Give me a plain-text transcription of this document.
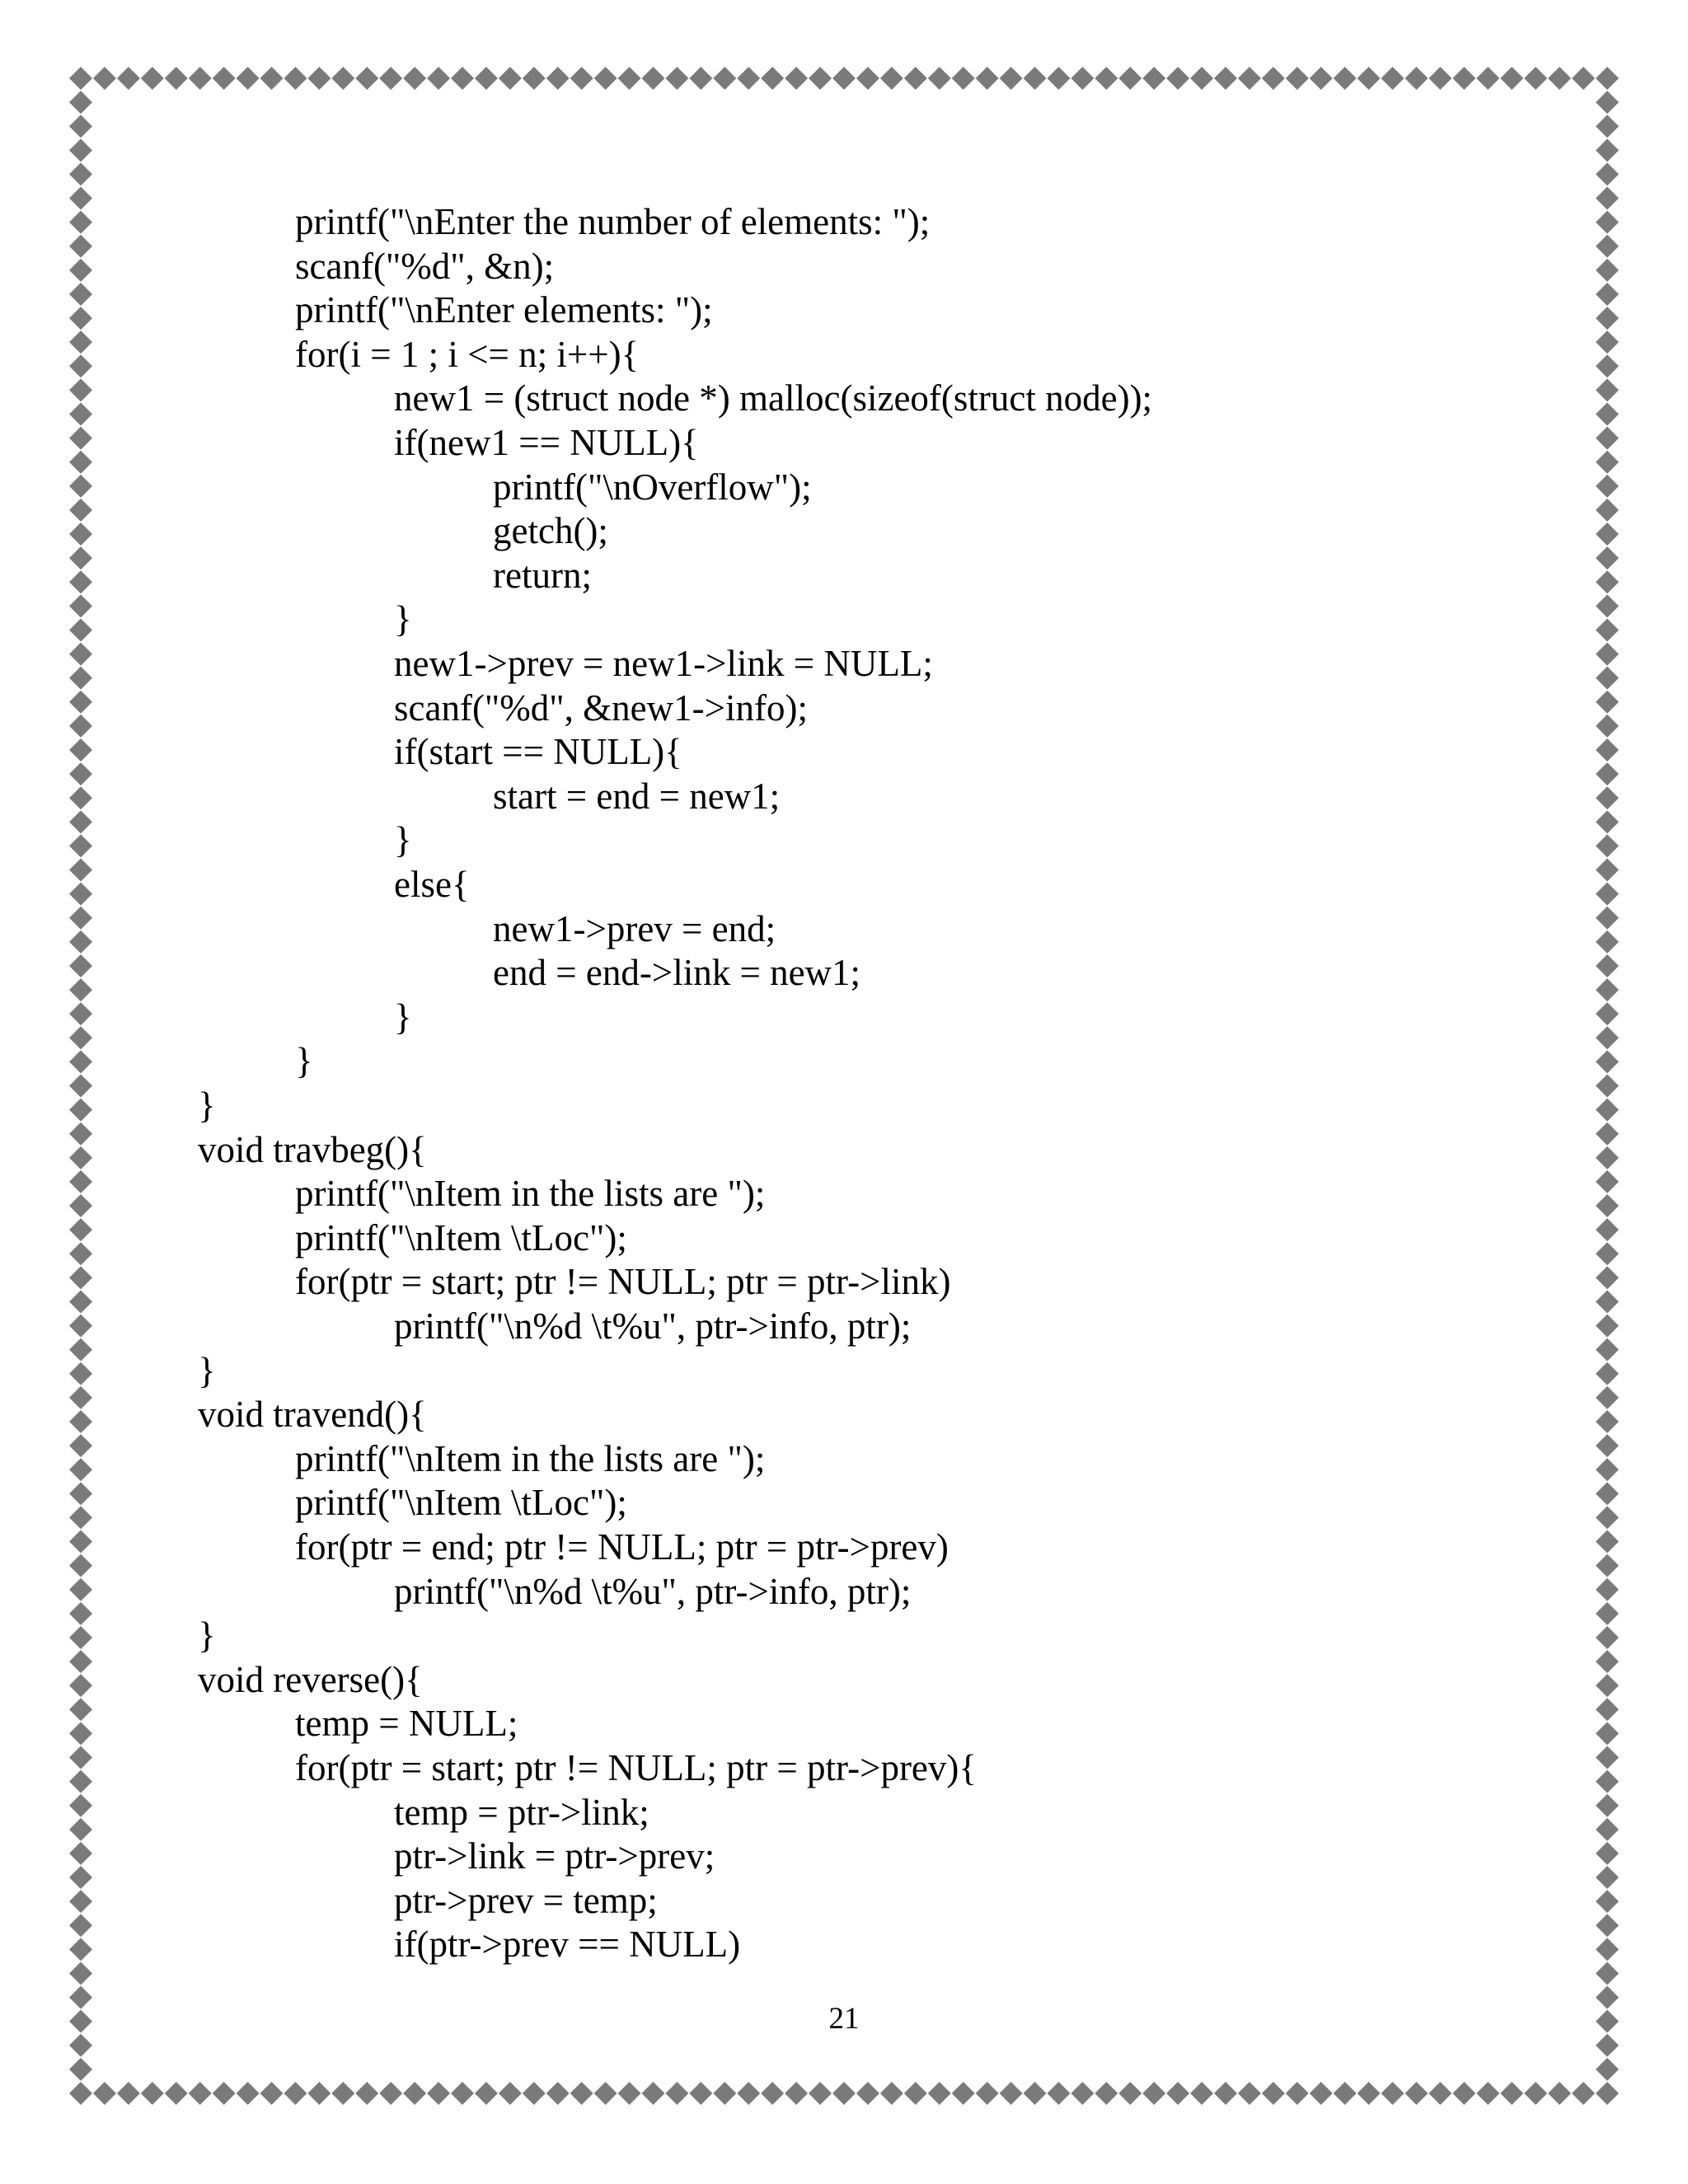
printf("\nEnter the number of elements: ");
scanf("%d", &n);
printf("\nEnter elements: ");
for(i = 1 ; i <= n; i++){
new1 = (struct node *) malloc(sizeof(struct node));
if(new1 == NULL){
printf("\nOverflow");
getch();
return;
}
new1->prev = new1->link = NULL;
scanf("%d", &new1->info);
if(start == NULL){
start = end = new1;
}
else{
new1->prev = end;
end = end->link = new1;
}
}
}
void travbeg(){
printf("\nItem in the lists are ");
printf("\nItem \tLoc");
for(ptr = start; ptr != NULL; ptr = ptr->link)
printf("\n%d \t%u", ptr->info, ptr);
}
void travend(){
printf("\nItem in the lists are ");
printf("\nItem \tLoc");
for(ptr = end; ptr != NULL; ptr = ptr->prev)
printf("\n%d \t%u", ptr->info, ptr);
}
void reverse(){
temp = NULL;
for(ptr = start; ptr != NULL; ptr = ptr->prev){
temp = ptr->link;
ptr->link = ptr->prev;
ptr->prev = temp;
if(ptr->prev == NULL)
21
